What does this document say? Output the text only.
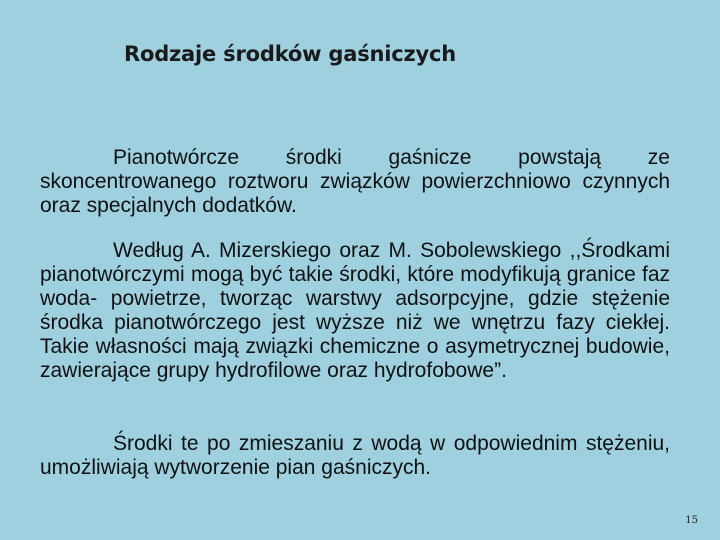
Rodzaje środków gaśniczych

Pianotwórcze środki gaśnicze powstają ze skoncentrowanego roztworu związków powierzchniowo czynnych oraz specjalnych dodatków.

Według A. Mizerskiego oraz M. Sobolewskiego ,,Środkami pianotwórczymi mogą być takie środki, które modyfikują granice faz woda- powietrze, tworząc warstwy adsorpcyjne, gdzie stężenie środka pianotwórczego jest wyższe niż we wnętrzu fazy ciekłej. Takie własności mają związki chemiczne o asymetrycznej budowie, zawierające grupy hydrofilowe oraz hydrofobowe”.

Środki te po zmieszaniu z wodą w odpowiednim stężeniu, umożliwiają wytworzenie pian gaśniczych.

15
